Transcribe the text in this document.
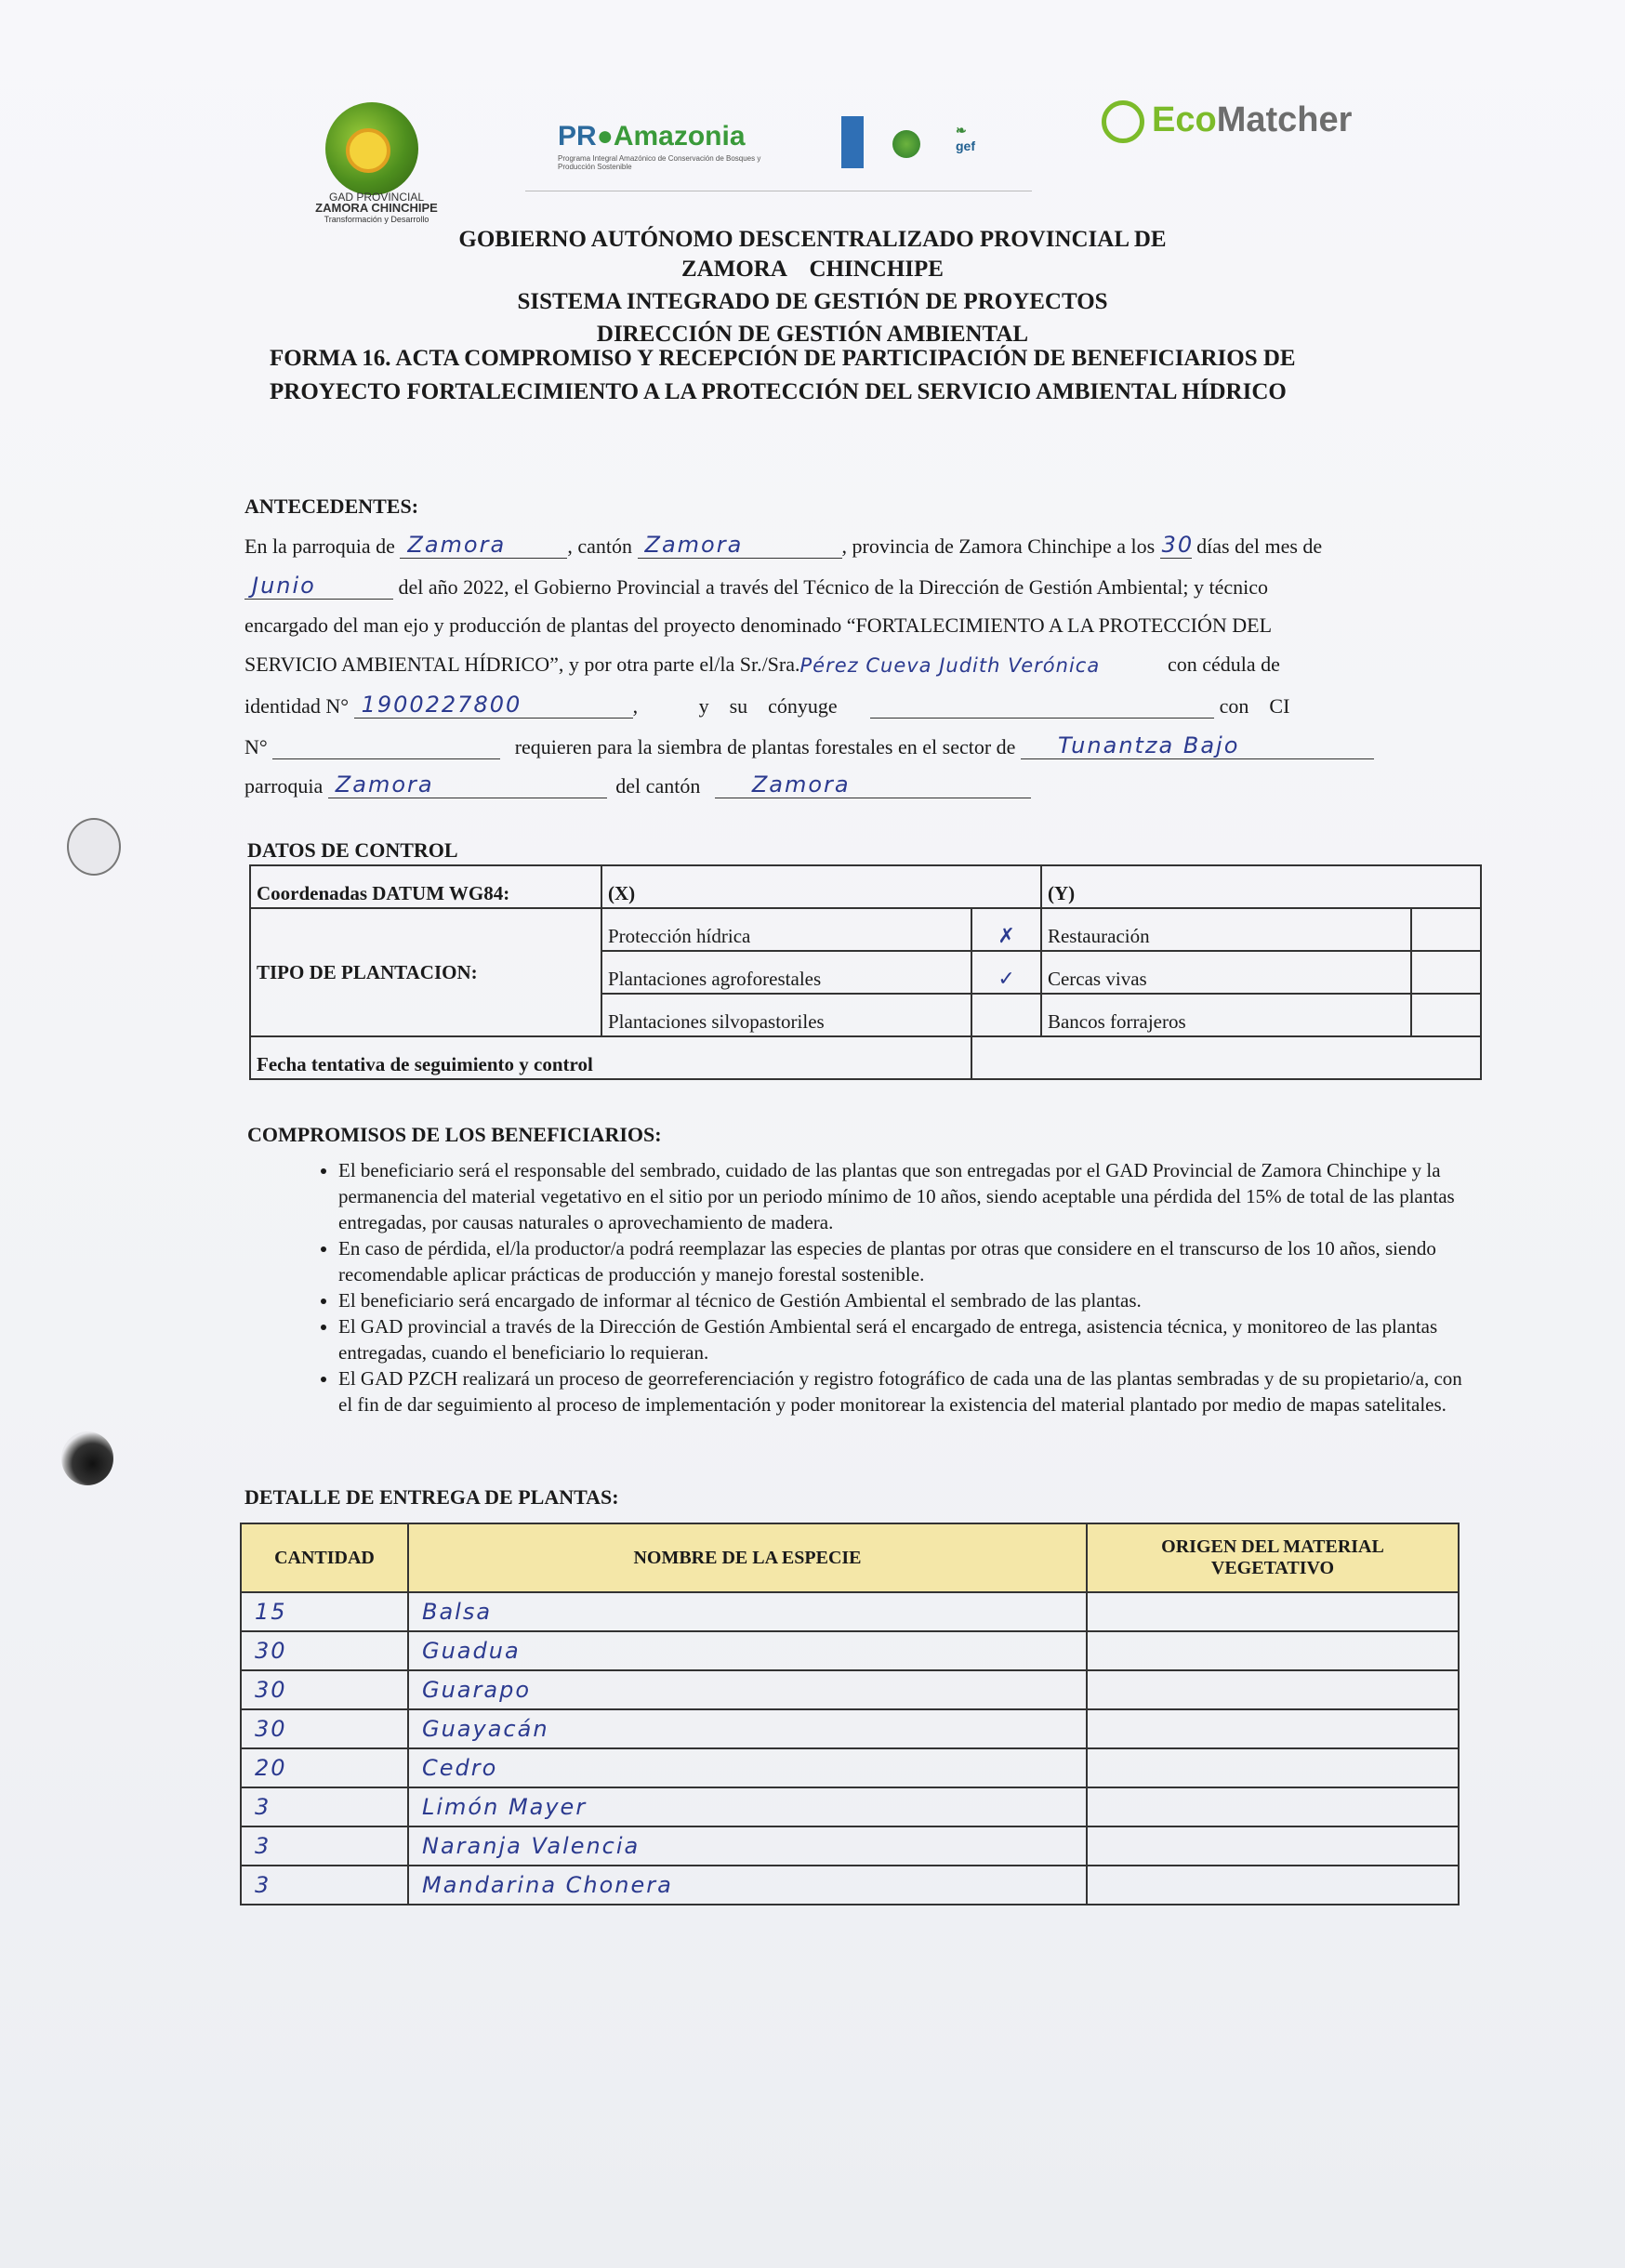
GAD PROVINCIAL
ZAMORA CHINCHIPE
Transformación y Desarrollo
PR●Amazonia
Programa Integral Amazónico de Conservación de Bosques y Producción Sostenible
❧
gef
EcoMatcher
GOBIERNO AUTÓNOMO DESCENTRALIZADO PROVINCIAL DE
ZAMORA    CHINCHIPE
SISTEMA INTEGRADO DE GESTIÓN DE PROYECTOS
DIRECCIÓN DE GESTIÓN AMBIENTAL
FORMA 16. ACTA COMPROMISO Y RECEPCIÓN DE PARTICIPACIÓN DE BENEFICIARIOS DE
PROYECTO FORTALECIMIENTO A LA PROTECCIÓN DEL SERVICIO AMBIENTAL HÍDRICO
ANTECEDENTES:
En la parroquia de Zamora	, cantón Zamora	, provincia de Zamora Chinchipe a los 30 días del mes de
Junio	del año 2022, el Gobierno Provincial a través del Técnico de la Dirección de Gestión Ambiental; y técnico
encargado del man ejo y producción de plantas del proyecto denominado “FORTALECIMIENTO A LA PROTECCIÓN DEL
SERVICIO AMBIENTAL HÍDRICO”, y por otra parte el/la Sr./Sra. Pérez Cueva Judith Verónica	con cédula de
identidad N° 1900227800	,	y    su    cónyuge	con    CI
N°	requieren para la siembra de plantas forestales en el sector de Tunantza Bajo
parroquia Zamora	del cantón Zamora
DATOS DE CONTROL
Coordenadas DATUM WG84:	(X)		(Y)	
TIPO DE PLANTACION:	Protección hídrica	✗	Restauración	
	Plantaciones agroforestales	✓	Cercas vivas	
	Plantaciones silvopastoriles		Bancos forrajeros	
Fecha tentativa de seguimiento y control				
COMPROMISOS DE LOS BENEFICIARIOS:
• El beneficiario será el responsable del sembrado, cuidado de las plantas que son entregadas por el GAD Provincial de Zamora Chinchipe y la permanencia del material vegetativo en el sitio por un periodo mínimo de 10 años, siendo aceptable una pérdida del 15% de total de las plantas entregadas, por causas naturales o aprovechamiento de madera.
• En caso de pérdida, el/la productor/a podrá reemplazar las especies de plantas por otras que considere en el transcurso de los 10 años, siendo recomendable aplicar prácticas de producción y manejo forestal sostenible.
• El beneficiario será encargado de informar al técnico de Gestión Ambiental el sembrado de las plantas.
• El GAD provincial a través de la Dirección de Gestión Ambiental será el encargado de entrega, asistencia técnica, y monitoreo de las plantas entregadas, cuando el beneficiario lo requieran.
• El GAD PZCH realizará un proceso de georreferenciación y registro fotográfico de cada una de las plantas sembradas y de su propietario/a, con el fin de dar seguimiento al proceso de implementación y poder monitorear la existencia del material plantado por medio de mapas satelitales.
DETALLE DE ENTREGA DE PLANTAS:
CANTIDAD	NOMBRE DE LA ESPECIE	ORIGEN DEL MATERIAL
VEGETATIVO

15	Balsa	
30	Guadua	
30	Guarapo	
30	Guayacán	
20	Cedro	
3	Limón Mayer	
3	Naranja Valencia	
3	Mandarina Chonera	
